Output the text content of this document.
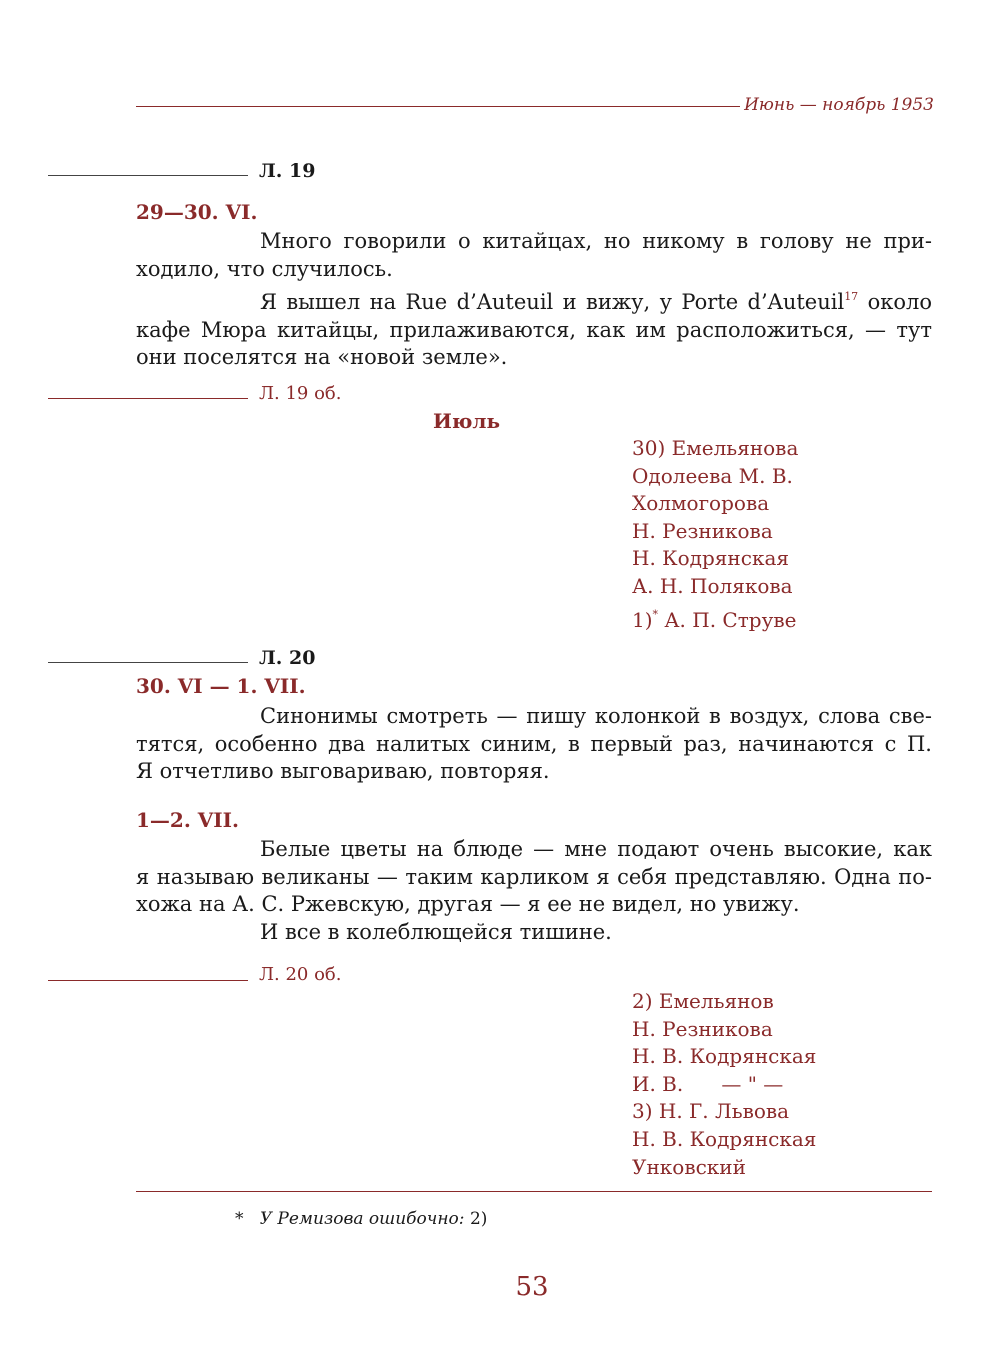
Июнь — ноябрь 1953
Л. 19
29—30. VI.
Много говорили о китайцах, но никому в голову не при-
ходило, что случилось.
Я вышел на Rue d’Auteuil и вижу, у Porte d’Auteuil$^{17}$ около
кафе Мюра китайцы, прилаживаются, как им расположиться, — тут
они поселятся на «новой земле».
Л. 19 об.
Июль
30) Емельянова
Одолеева М. В.
Холмогорова
Н. Резникова
Н. Кодрянская
А. Н. Полякова
1)* А. П. Струве
Л. 20
30. VI — 1. VII.
Синонимы смотреть — пишу колонкой в воздух, слова све-
тятся, особенно два налитых синим, в первый раз, начинаются с П.
Я отчетливо выговариваю, повторяя.
1—2. VII.
Белые цветы на блюде — мне подают очень высокие, как
я называю великаны — таким карликом я себя представляю. Одна по-
хожа на А. С. Ржевскую, другая — я ее не видел, но увижу.
И все в колеблющейся тишине.
Л. 20 об.
2) Емельянов
Н. Резникова
Н. В. Кодрянская
И. В.      — " —
3) Н. Г. Львова
Н. В. Кодрянская
Унковский
* У Ремизова ошибочно: 2)
53
